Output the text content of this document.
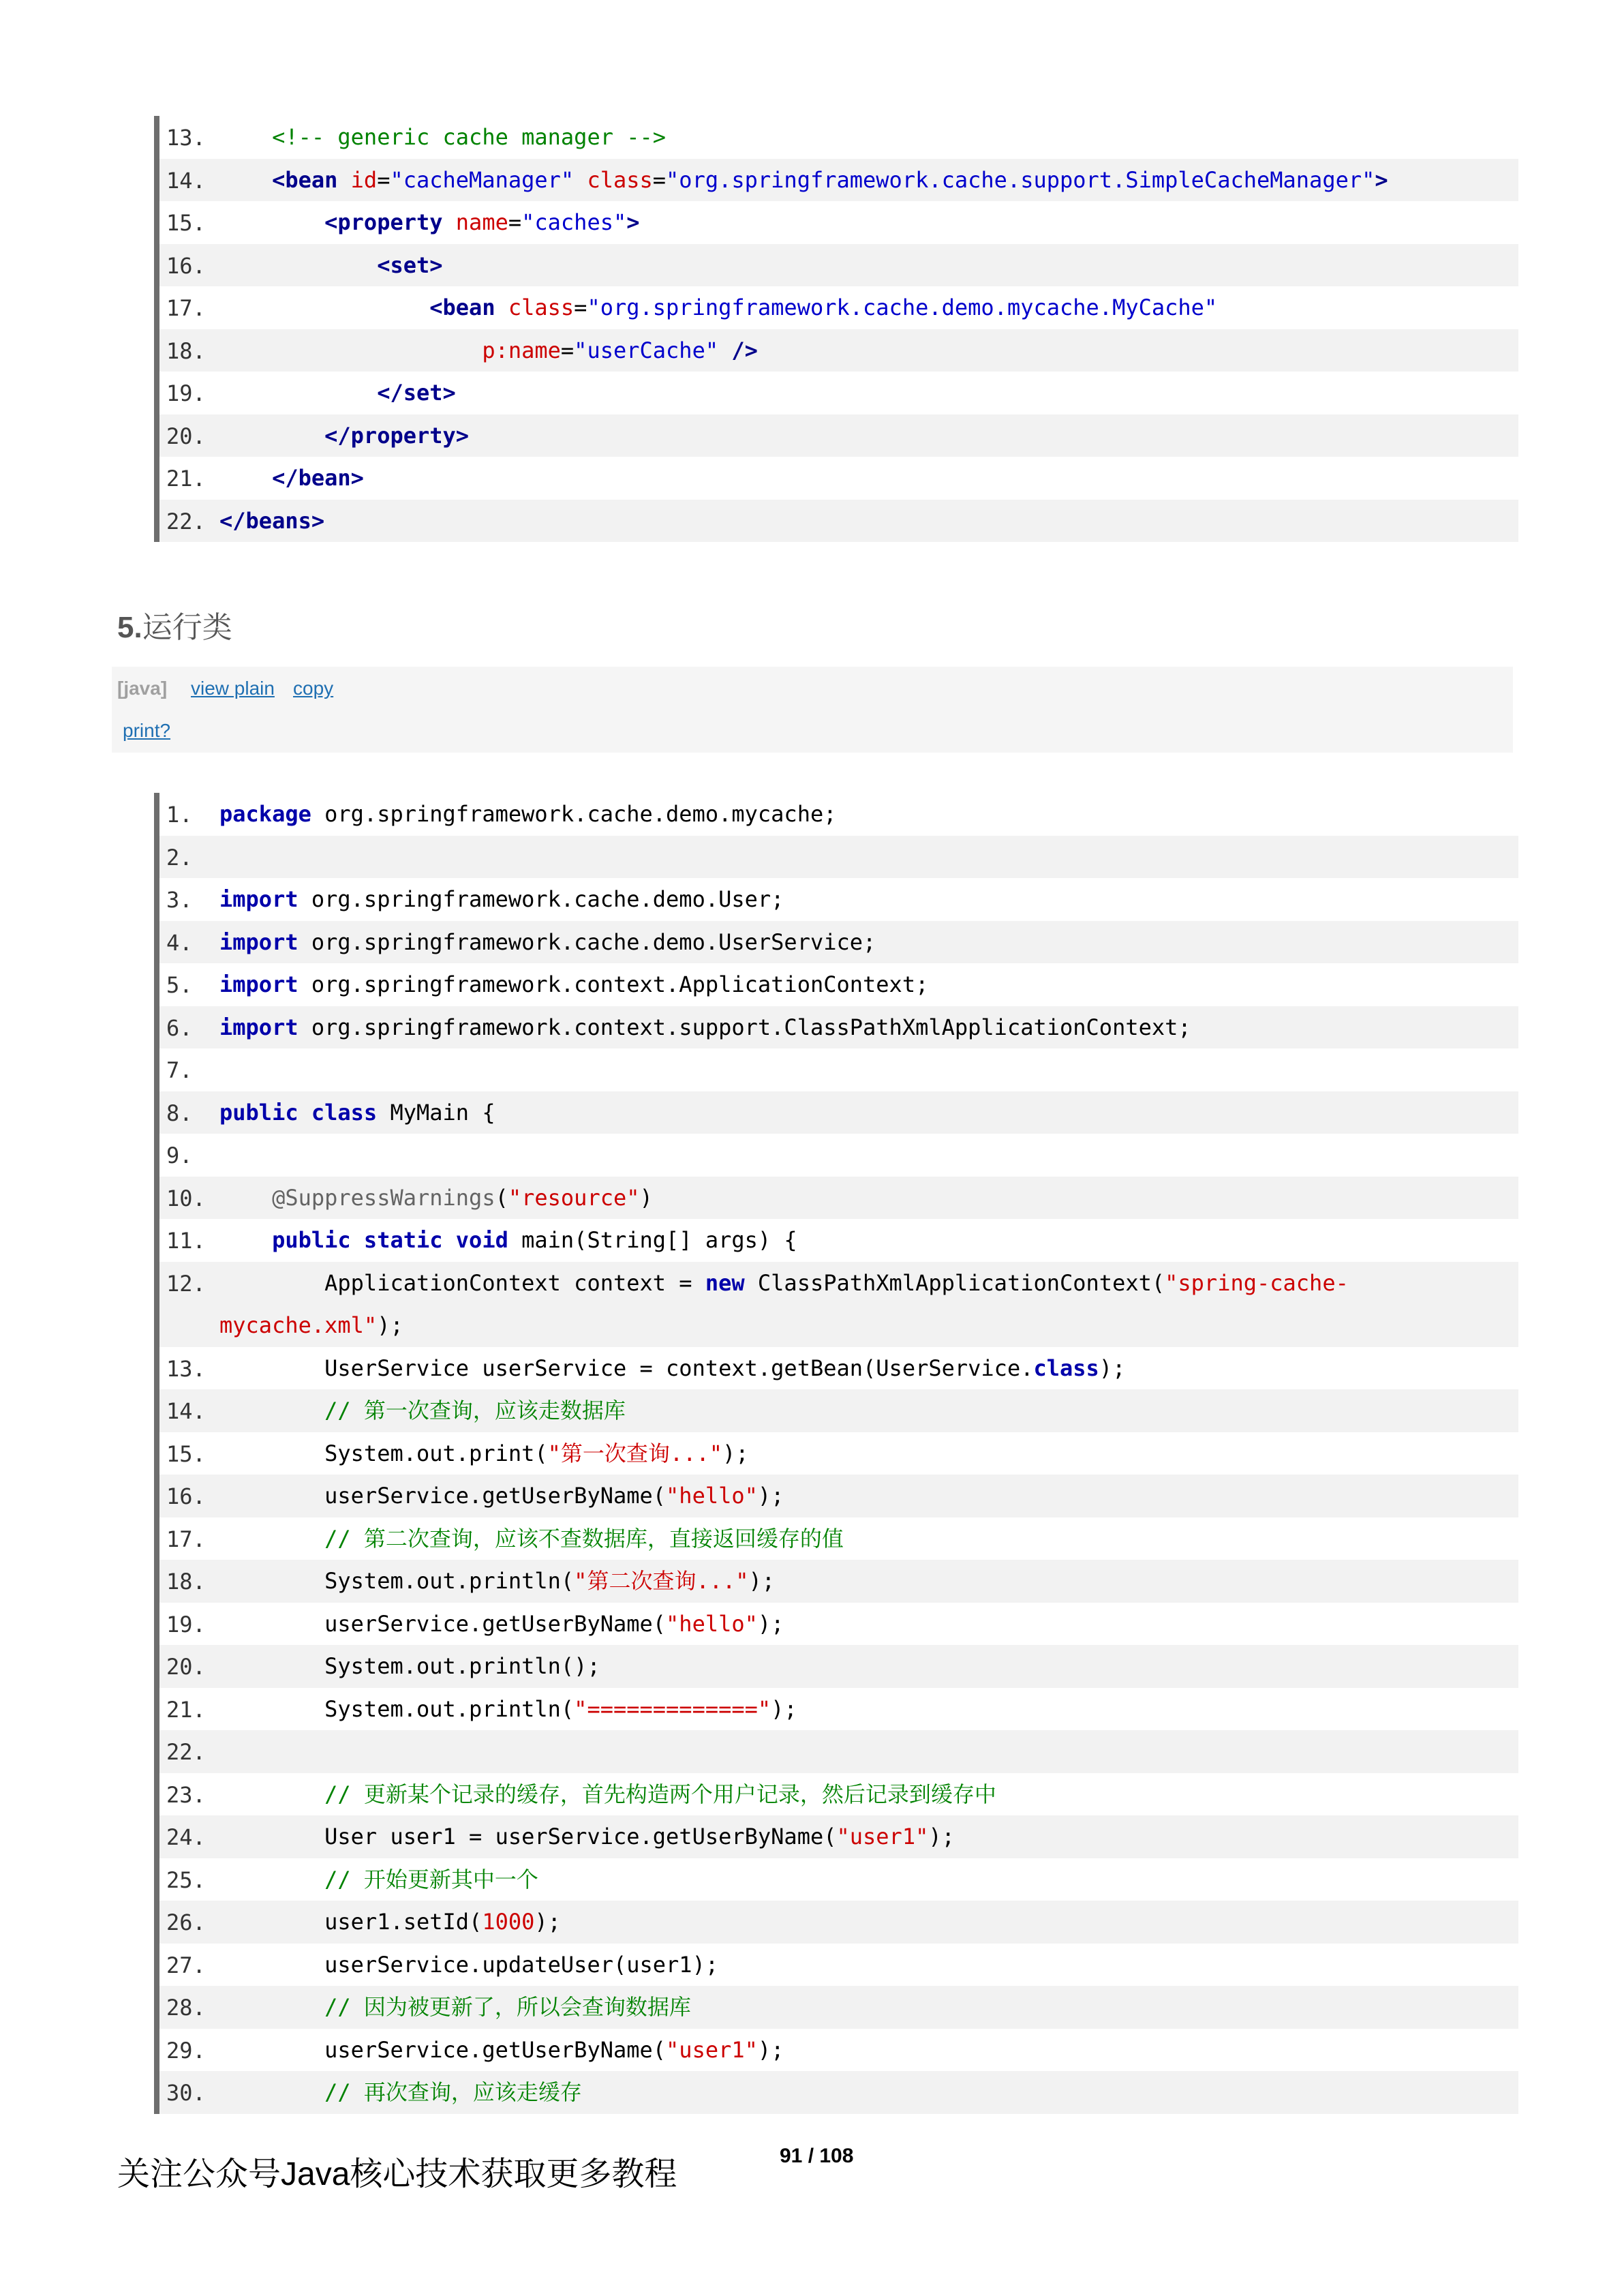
13.	<!-- generic cache manager -->
14.	<bean id="cacheManager" class="org.springframework.cache.support.SimpleCacheManager">
15.	<property name="caches">
16.	<set>
17.	<bean class="org.springframework.cache.demo.mycache.MyCache"
18.	p:name="userCache" />
19.	</set>
20.	</property>
21.	</bean>
22. </beans>
5.运行类
[java] view plain copy
print?
1. package org.springframework.cache.demo.mycache;
2.
3. import org.springframework.cache.demo.User;
4. import org.springframework.cache.demo.UserService;
5. import org.springframework.context.ApplicationContext;
6. import org.springframework.context.support.ClassPathXmlApplicationContext;
7.
8. public class MyMain {
9.
10.	@SuppressWarnings("resource")
11.	public static void main(String[] args) {
12. ApplicationContext context = new ClassPathXmlApplicationContext("spring-cache-
mycache.xml");
13. UserService userService = context.getBean(UserService.class);
14.	// 第一次查询，应该走数据库
15. System.out.print("第一次查询...");
16. userService.getUserByName("hello");
17.	// 第二次查询，应该不查数据库，直接返回缓存的值
18. System.out.println("第二次查询...");
19. userService.getUserByName("hello");
20. System.out.println();
21. System.out.println("=============");
22.
23.	// 更新某个记录的缓存，首先构造两个用户记录，然后记录到缓存中
24. User user1 = userService.getUserByName("user1");
25.	// 开始更新其中一个
26. user1.setId(1000);
27. userService.updateUser(user1);
28.	// 因为被更新了，所以会查询数据库
29. userService.getUserByName("user1");
30.	// 再次查询，应该走缓存
关注公众号Java核心技术获取更多教程
91 / 108
